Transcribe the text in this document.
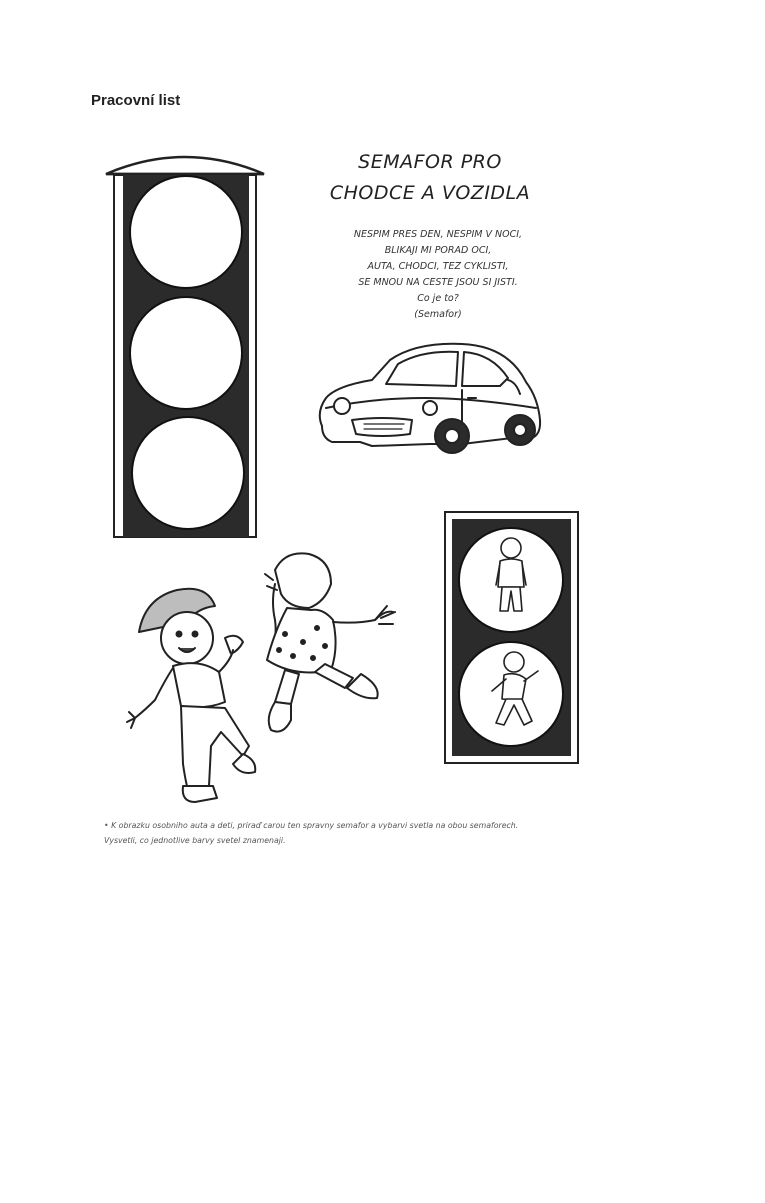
Pracovní list
SEMAFOR PRO
CHODCE A VOZIDLA
NESPIM PRES DEN, NESPIM V NOCI,
BLIKAJI MI PORAD OCI,
AUTA, CHODCI, TEZ CYKLISTI,
SE MNOU NA CESTE JSOU SI JISTI.
Co je to?
(Semafor)
• K obrazku osobniho auta a deti, priraď carou ten spravny semafor a vybarvi svetla na obou semaforech.
Vysvetli, co jednotlive barvy svetel znamenaji.
